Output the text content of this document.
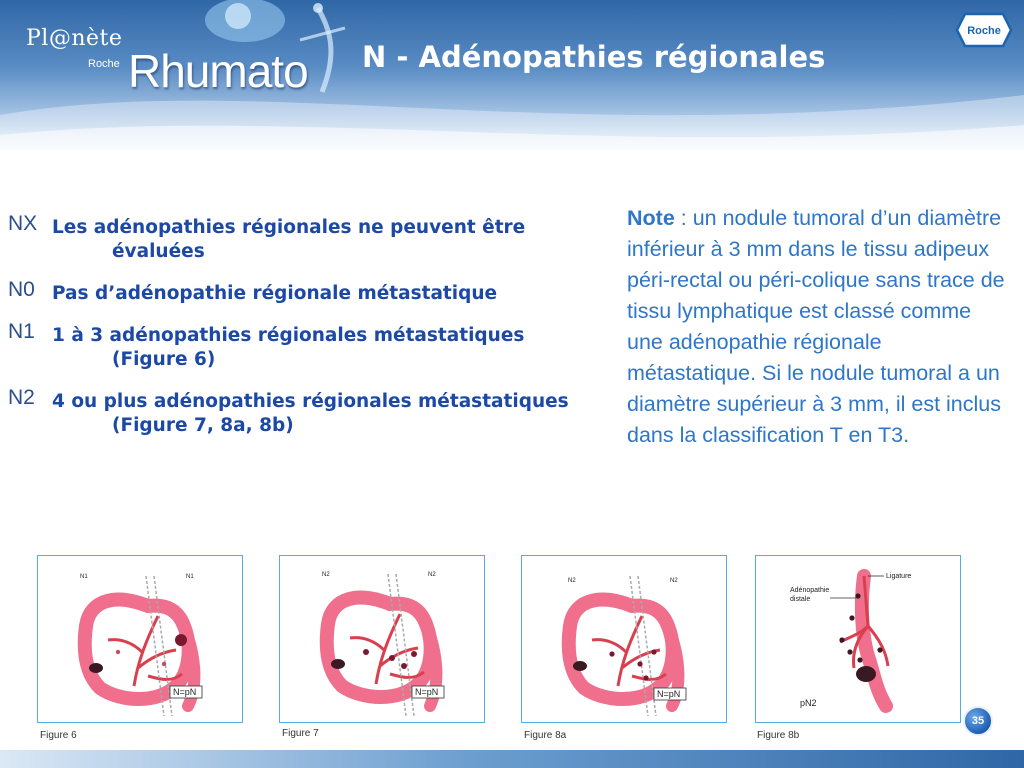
Pl@nète
Roche Rhumato N - Adénopathies régionales
Roche
NX Les adénopathies régionales ne peuvent être évaluées
N0 Pas d’adénopathie régionale métastatique
N1 1 à 3 adénopathies régionales métastatiques (Figure 6)
N2 4 ou plus adénopathies régionales métastatiques (Figure 7, 8a, 8b)
Note : un nodule tumoral d’un diamètre inférieur à 3 mm dans le tissu adipeux péri-rectal ou péri-colique sans trace de tissu lymphatique est classé comme une adénopathie régionale métastatique. Si le nodule tumoral a un diamètre supérieur à 3 mm, il est inclus dans la classification T en T3.
N1	N1
N=pN
Figure 6
N2	N2
N=pN
Figure 7
N2	N2
N=pN
Figure 8a
Ligature
Adénopathie
distale
pN2
Figure 8b
35
